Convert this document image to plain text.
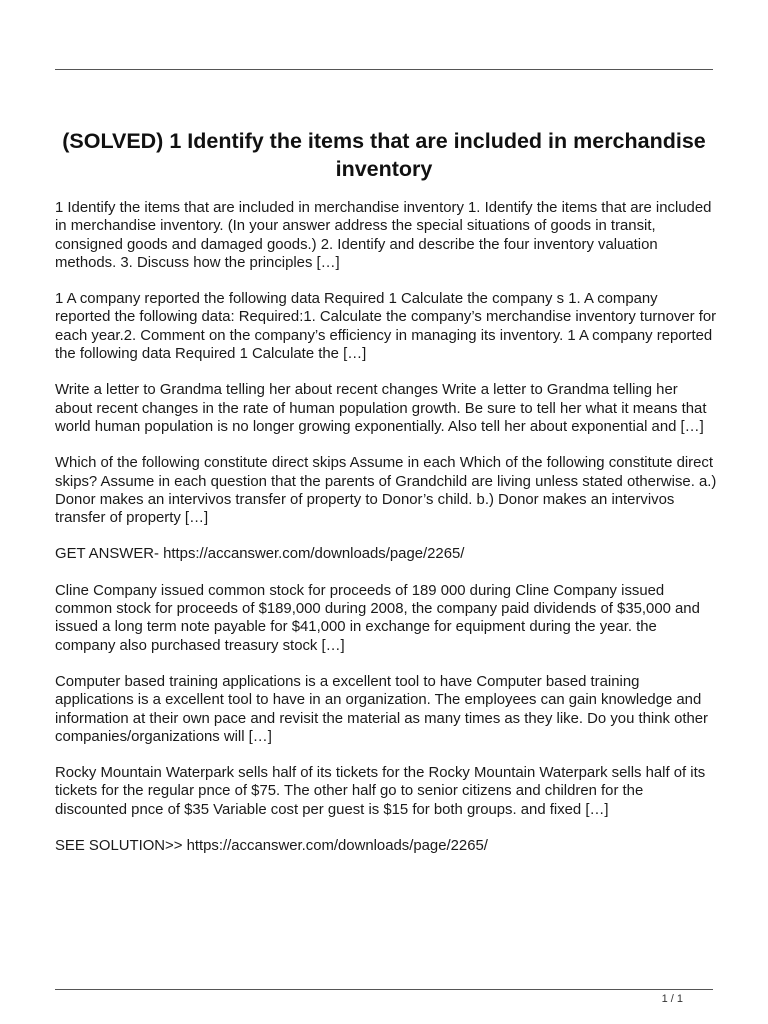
(SOLVED) 1 Identify the items that are included in merchandise inventory

1 Identify the items that are included in merchandise inventory 1. Identify the items that are included in merchandise inventory. (In your answer address the special situations of goods in transit, consigned goods and damaged goods.) 2. Identify and describe the four inventory valuation methods. 3. Discuss how the principles […]

1 A company reported the following data Required 1 Calculate the company s 1. A company reported the following data: Required:1. Calculate the company’s merchandise inventory turnover for each year.2. Comment on the company’s efficiency in managing its inventory. 1 A company reported the following data Required 1 Calculate the […]

Write a letter to Grandma telling her about recent changes Write a letter to Grandma telling her about recent changes in the rate of human population growth. Be sure to tell her what it means that world human population is no longer growing exponentially. Also tell her about exponential and […]

Which of the following constitute direct skips Assume in each Which of the following constitute direct skips? Assume in each question that the parents of Grandchild are living unless stated otherwise. a.) Donor makes an intervivos transfer of property to Donor’s child. b.) Donor makes an intervivos transfer of property […]

GET ANSWER- https://accanswer.com/downloads/page/2265/

Cline Company issued common stock for proceeds of 189 000 during Cline Company issued common stock for proceeds of $189,000 during 2008, the company paid dividends of $35,000 and issued a long term note payable for $41,000 in exchange for equipment during the year. the company also purchased treasury stock […]

Computer based training applications is a excellent tool to have Computer based training applications is a excellent tool to have in an organization. The employees can gain knowledge and information at their own pace and revisit the material as many times as they like. Do you think other companies/organizations will […]

Rocky Mountain Waterpark sells half of its tickets for the Rocky Mountain Waterpark sells half of its tickets for the regular pnce of $75. The other half go to senior citizens and children for the discounted pnce of $35 Variable cost per guest is $15 for both groups. and fixed […]

SEE SOLUTION>> https://accanswer.com/downloads/page/2265/

1 / 1
